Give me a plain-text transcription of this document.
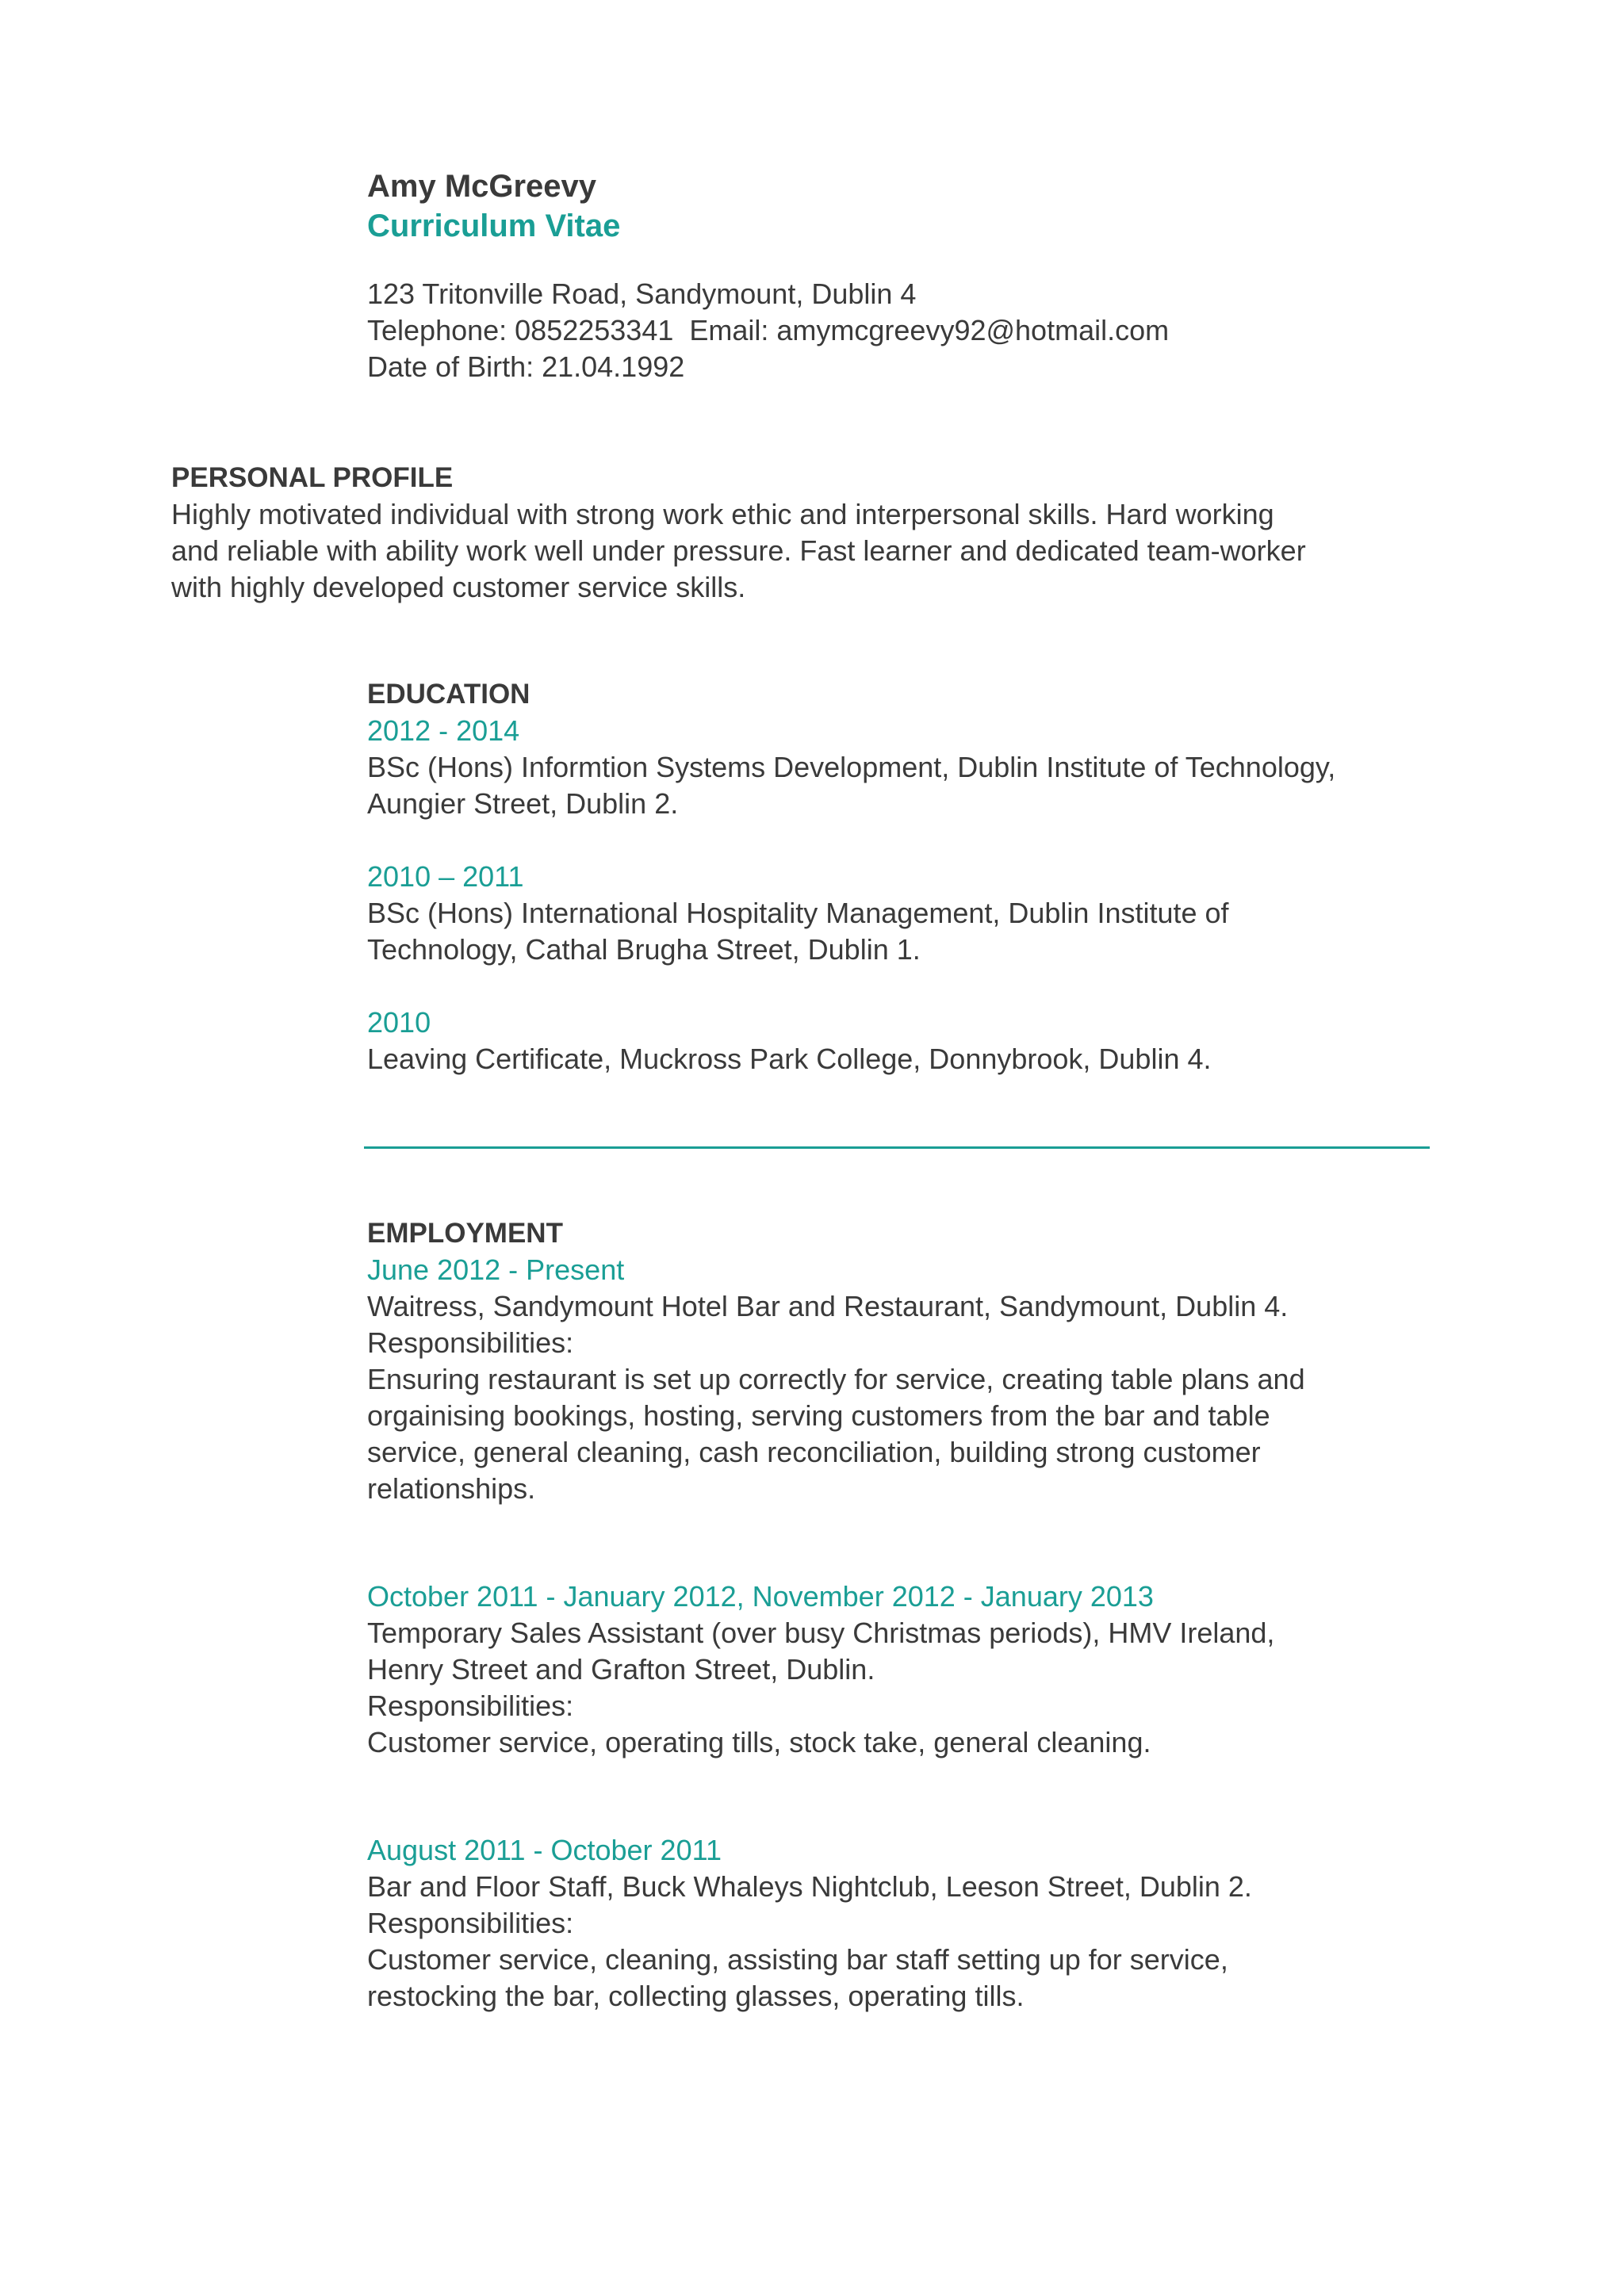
Amy McGreevy

Curriculum Vitae

123 Tritonville Road, Sandymount, Dublin 4
Telephone: 0852253341  Email: amymcgreevy92@hotmail.com
Date of Birth: 21.04.1992

PERSONAL PROFILE

Highly motivated individual with strong work ethic and interpersonal skills. Hard working
and reliable with ability work well under pressure. Fast learner and dedicated team-worker
with highly developed customer service skills.

EDUCATION

2012 - 2014

BSc (Hons) Informtion Systems Development, Dublin Institute of Technology,
Aungier Street, Dublin 2.

2010 – 2011

BSc (Hons) International Hospitality Management, Dublin Institute of
Technology, Cathal Brugha Street, Dublin 1.

2010

Leaving Certificate, Muckross Park College, Donnybrook, Dublin 4.

EMPLOYMENT

June 2012 - Present

Waitress, Sandymount Hotel Bar and Restaurant, Sandymount, Dublin 4.
Responsibilities:
Ensuring restaurant is set up correctly for service, creating table plans and
orgainising bookings, hosting, serving customers from the bar and table
service, general cleaning, cash reconciliation, building strong customer
relationships.

October 2011 - January 2012, November 2012 - January 2013

Temporary Sales Assistant (over busy Christmas periods), HMV Ireland,
Henry Street and Grafton Street, Dublin.
Responsibilities:
Customer service, operating tills, stock take, general cleaning.

August 2011 - October 2011

Bar and Floor Staff, Buck Whaleys Nightclub, Leeson Street, Dublin 2.
Responsibilities:
Customer service, cleaning, assisting bar staff setting up for service,
restocking the bar, collecting glasses, operating tills.
